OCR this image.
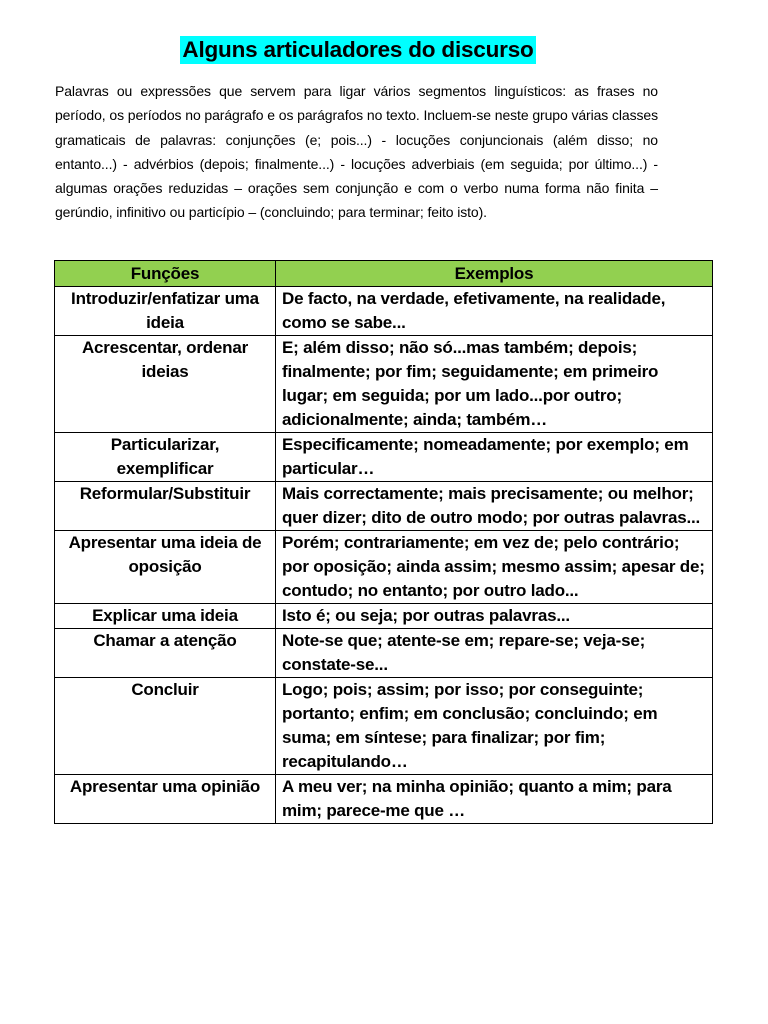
Alguns articuladores do discurso

Palavras ou expressões que servem para ligar vários segmentos linguísticos: as frases no período, os períodos no parágrafo e os parágrafos no texto. Incluem-se neste grupo várias classes gramaticais de palavras: conjunções (e; pois...) - locuções conjuncionais (além disso; no entanto...) - advérbios (depois; finalmente...) - locuções adverbiais (em seguida; por último...) - algumas orações reduzidas – orações sem conjunção e com o verbo numa forma não finita – gerúndio, infinitivo ou particípio – (concluindo; para terminar; feito isto).

Funções	Exemplos
Introduzir/enfatizar uma ideia	De facto, na verdade, efetivamente, na realidade, como se sabe...
Acrescentar, ordenar ideias	E; além disso; não só...mas também; depois; finalmente; por fim; seguidamente; em primeiro lugar; em seguida; por um lado...por outro; adicionalmente; ainda; também…
Particularizar, exemplificar	Especificamente; nomeadamente; por exemplo; em particular…
Reformular/Substituir	Mais correctamente; mais precisamente; ou melhor; quer dizer; dito de outro modo; por outras palavras...
Apresentar uma ideia de oposição	Porém; contrariamente; em vez de; pelo contrário; por oposição; ainda assim; mesmo assim; apesar de; contudo; no entanto; por outro lado...
Explicar uma ideia	Isto é; ou seja; por outras palavras...
Chamar a atenção	Note-se que; atente-se em; repare-se; veja-se; constate-se...
Concluir	Logo; pois; assim; por isso; por conseguinte; portanto; enfim; em conclusão; concluindo; em suma; em síntese; para finalizar; por fim; recapitulando…
Apresentar uma opinião	A meu ver; na minha opinião; quanto a mim; para mim; parece-me que …
